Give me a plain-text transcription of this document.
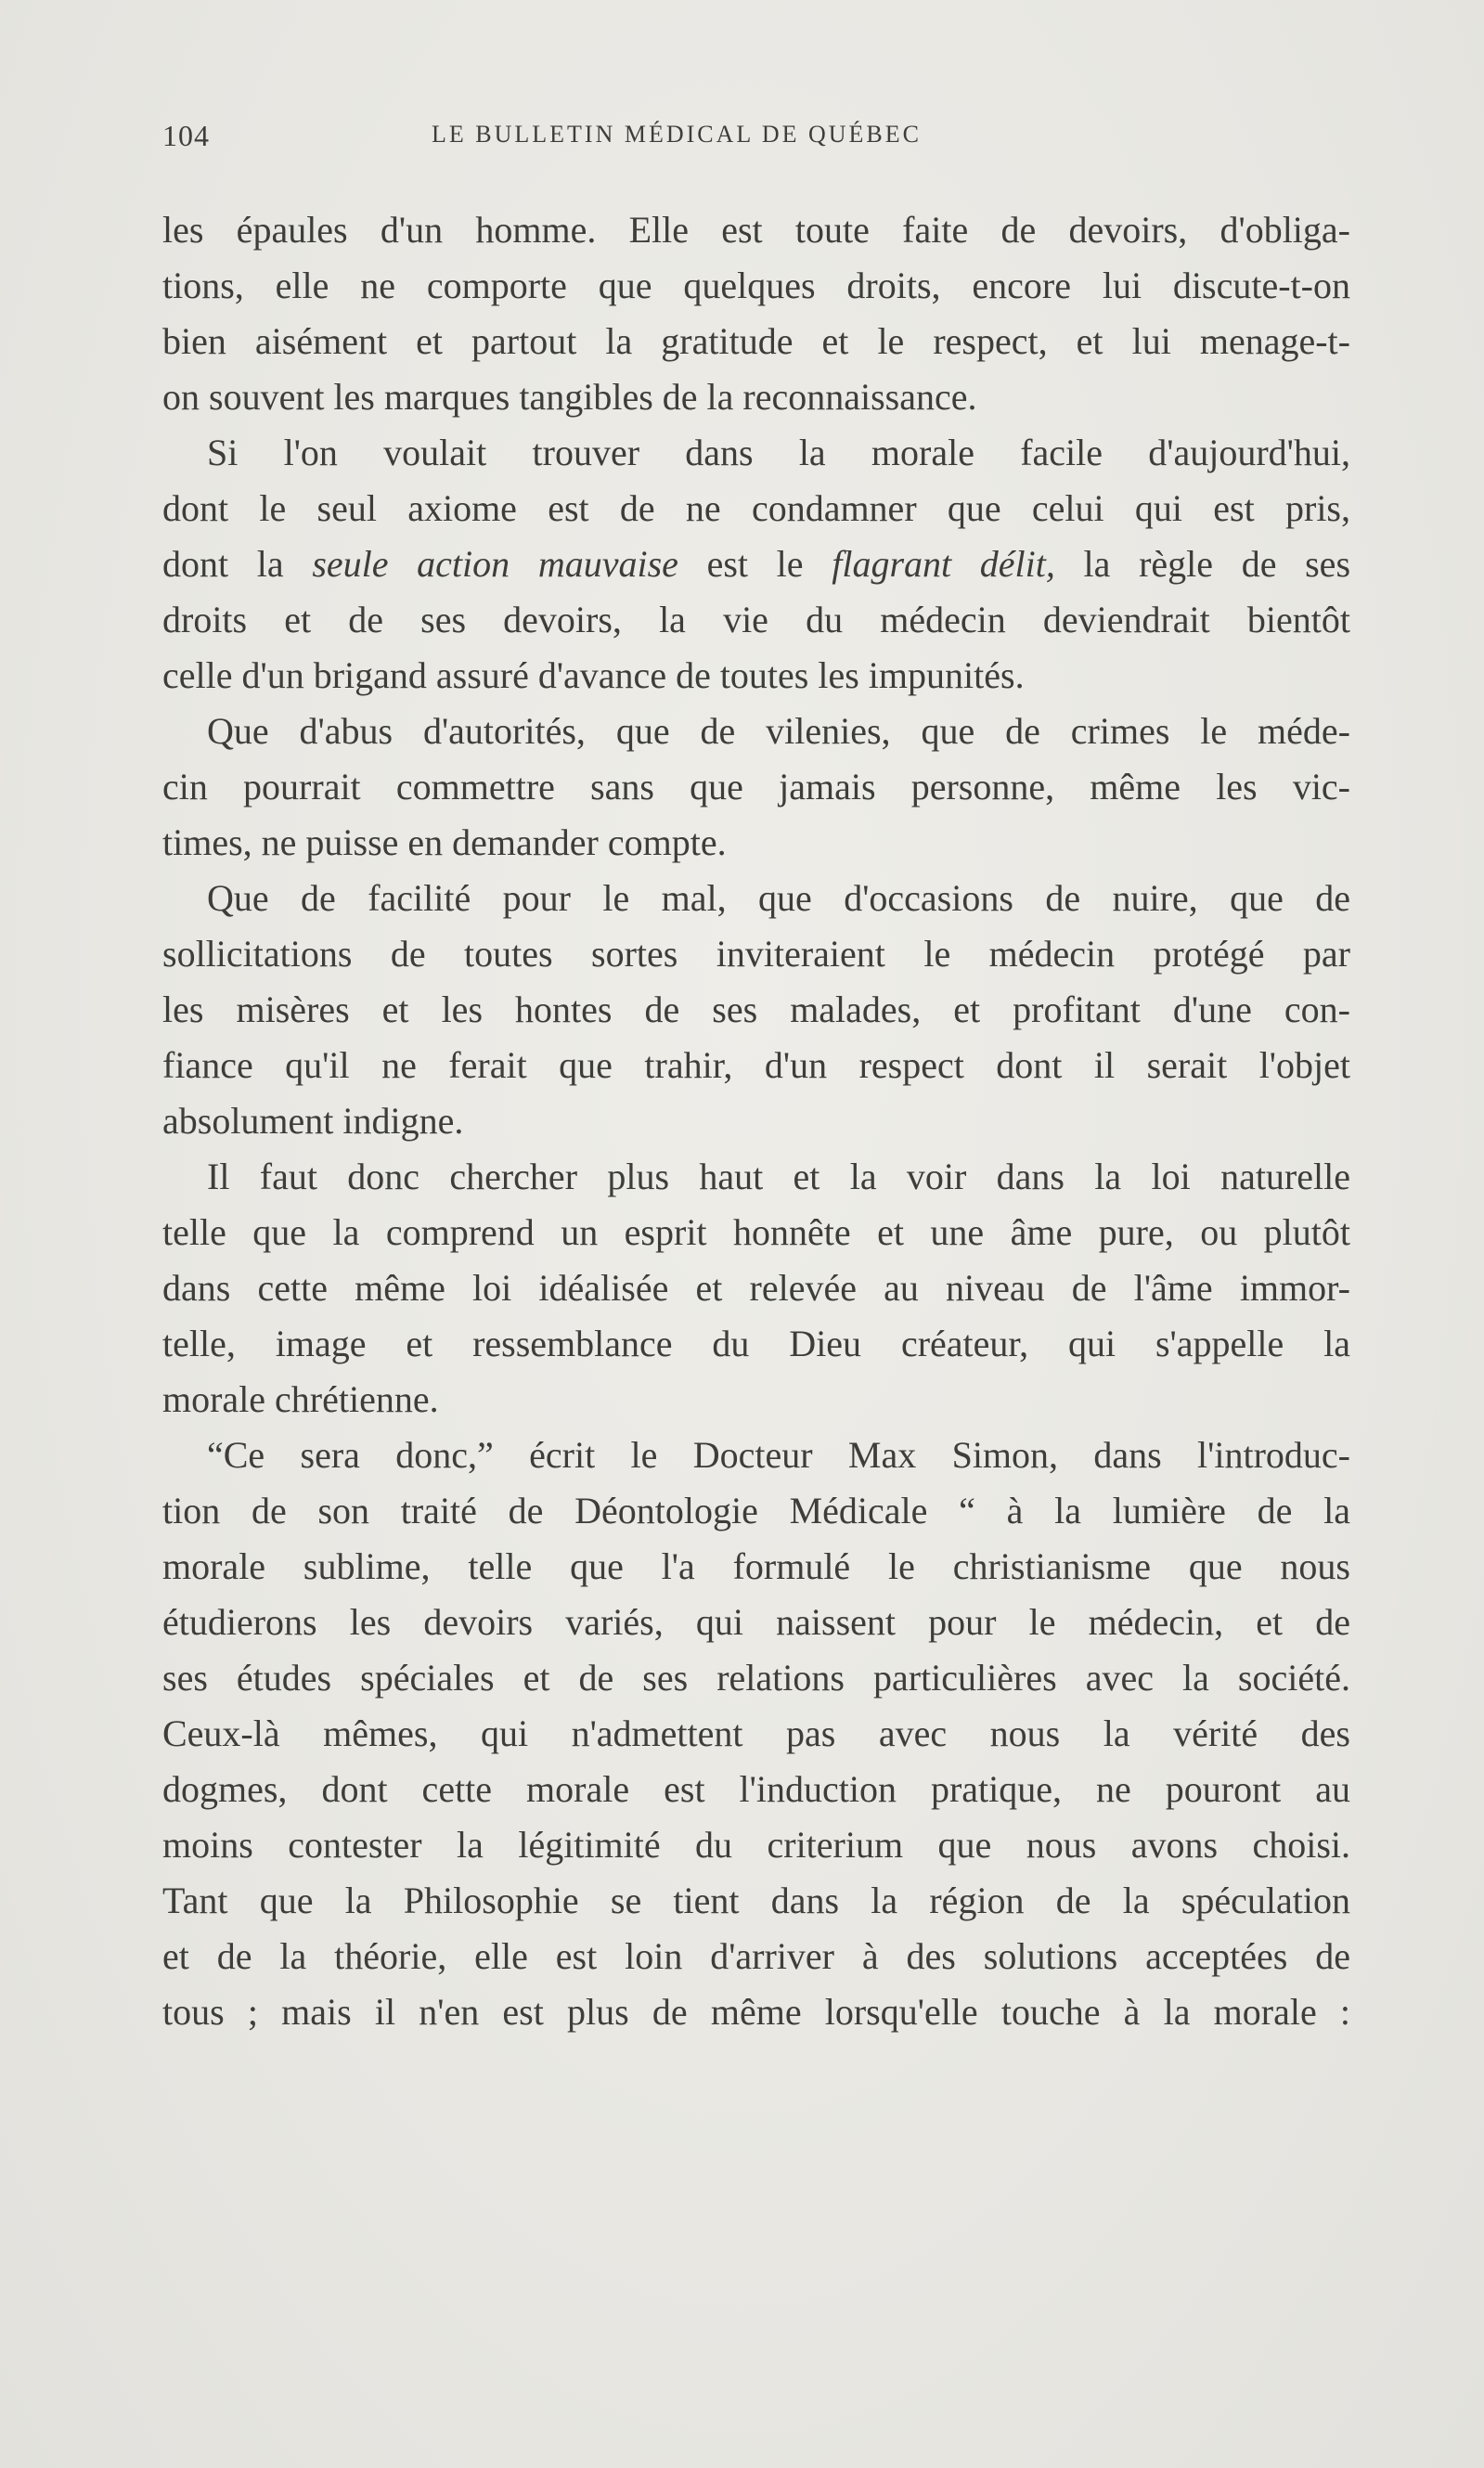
104	LE BULLETIN MÉDICAL DE QUÉBEC

les épaules d'un homme. Elle est toute faite de devoirs, d'obliga-
tions, elle ne comporte que quelques droits, encore lui discute-t-on
bien aisément et partout la gratitude et le respect, et lui menage-t-
on souvent les marques tangibles de la reconnaissance.

Si l'on voulait trouver dans la morale facile d'aujourd'hui,
dont le seul axiome est de ne condamner que celui qui est pris,
dont la seule action mauvaise est le flagrant délit, la règle de ses
droits et de ses devoirs, la vie du médecin deviendrait bientôt
celle d'un brigand assuré d'avance de toutes les impunités.

Que d'abus d'autorités, que de vilenies, que de crimes le méde-
cin pourrait commettre sans que jamais personne, même les vic-
times, ne puisse en demander compte.

Que de facilité pour le mal, que d'occasions de nuire, que de
sollicitations de toutes sortes inviteraient le médecin protégé par
les misères et les hontes de ses malades, et profitant d'une con-
fiance qu'il ne ferait que trahir, d'un respect dont il serait l'objet
absolument indigne.

Il faut donc chercher plus haut et la voir dans la loi naturelle
telle que la comprend un esprit honnête et une âme pure, ou plutôt
dans cette même loi idéalisée et relevée au niveau de l'âme immor-
telle, image et ressemblance du Dieu créateur, qui s'appelle la
morale chrétienne.

“Ce sera donc,” écrit le Docteur Max Simon, dans l'introduc-
tion de son traité de Déontologie Médicale “ à la lumière de la
morale sublime, telle que l'a formulé le christianisme que nous
étudierons les devoirs variés, qui naissent pour le médecin, et de
ses études spéciales et de ses relations particulières avec la société.
Ceux-là mêmes, qui n'admettent pas avec nous la vérité des
dogmes, dont cette morale est l'induction pratique, ne pouront au
moins contester la légitimité du criterium que nous avons choisi.
Tant que la Philosophie se tient dans la région de la spéculation
et de la théorie, elle est loin d'arriver à des solutions acceptées de
tous ; mais il n'en est plus de même lorsqu'elle touche à la morale :
